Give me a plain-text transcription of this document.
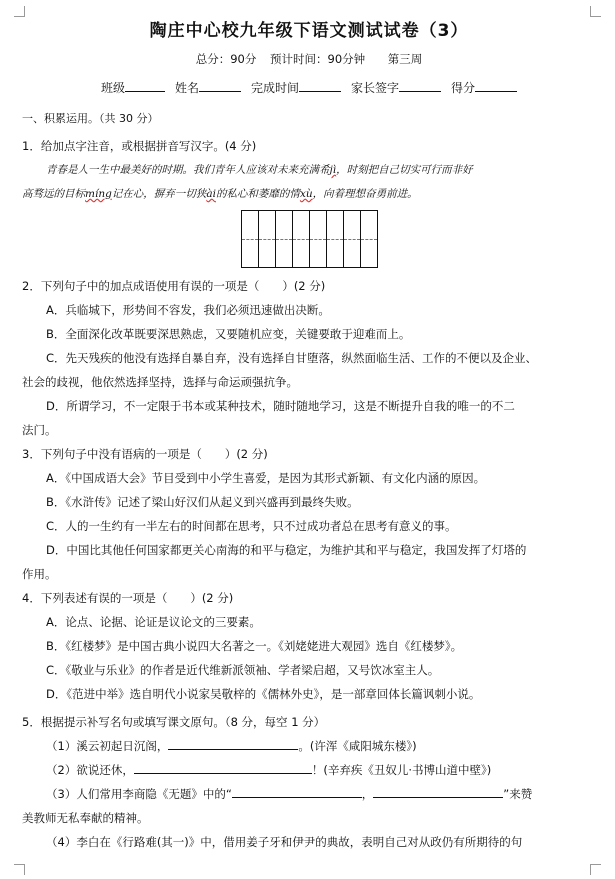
陶庄中心校九年级下语文测试试卷（3）
总分：90分 预计时间：90分钟 第三周
班级	姓名	完成时间	家长签字	得分

一、积累运用。（共 30 分）

1．给加点字注音，或根据拼音写汉字。(4 分)

青春是人一生中最美好的时期。我们青年人应该对未来充满希jì，时刻把自己切实可行而非好

高骛远的目标míng记在心，摒弃一切狭ài的私心和萎靡的情xù，向着理想奋勇前进。

2．下列句子中的加点成语使用有误的一项是（　　）(2 分)

A．兵临城下，形势间不容发，我们必须迅速做出决断。

B．全面深化改革既要深思熟虑，又要随机应变，关键要敢于迎难而上。

C．先天残疾的他没有选择自暴自弃，没有选择自甘堕落，纵然面临生活、工作的不便以及企业、

社会的歧视，他依然选择坚持，选择与命运顽强抗争。

D．所谓学习，不一定限于书本或某种技术，随时随地学习，这是不断提升自我的唯一的不二

法门。

3．下列句子中没有语病的一项是（　　）(2 分)

A．《中国成语大会》节目受到中小学生喜爱，是因为其形式新颖、有文化内涵的原因。

B．《水浒传》记述了梁山好汉们从起义到兴盛再到最终失败。

C．人的一生约有一半左右的时间都在思考，只不过成功者总在思考有意义的事。

D．中国比其他任何国家都更关心南海的和平与稳定，为维护其和平与稳定，我国发挥了灯塔的

作用。

4．下列表述有误的一项是（　　）(2 分)

A．论点、论据、论证是议论文的三要素。

B．《红楼梦》是中国古典小说四大名著之一。《刘姥姥进大观园》选自《红楼梦》。

C．《敬业与乐业》的作者是近代维新派领袖、学者梁启超，又号饮冰室主人。

D．《范进中举》选自明代小说家吴敬梓的《儒林外史》，是一部章回体长篇讽刺小说。

5．根据提示补写名句或填写课文原句。（8 分，每空 1 分）

（1）溪云初起日沉阁，	。(许浑《咸阳城东楼》)

（2）欲说还休，	！(辛弃疾《丑奴儿·书博山道中壁》)

（3）人们常用李商隐《无题》中的“	，	”来赞

美教师无私奉献的精神。

（4）李白在《行路难(其一)》中，借用姜子牙和伊尹的典故，表明自己对从政仍有所期待的句
